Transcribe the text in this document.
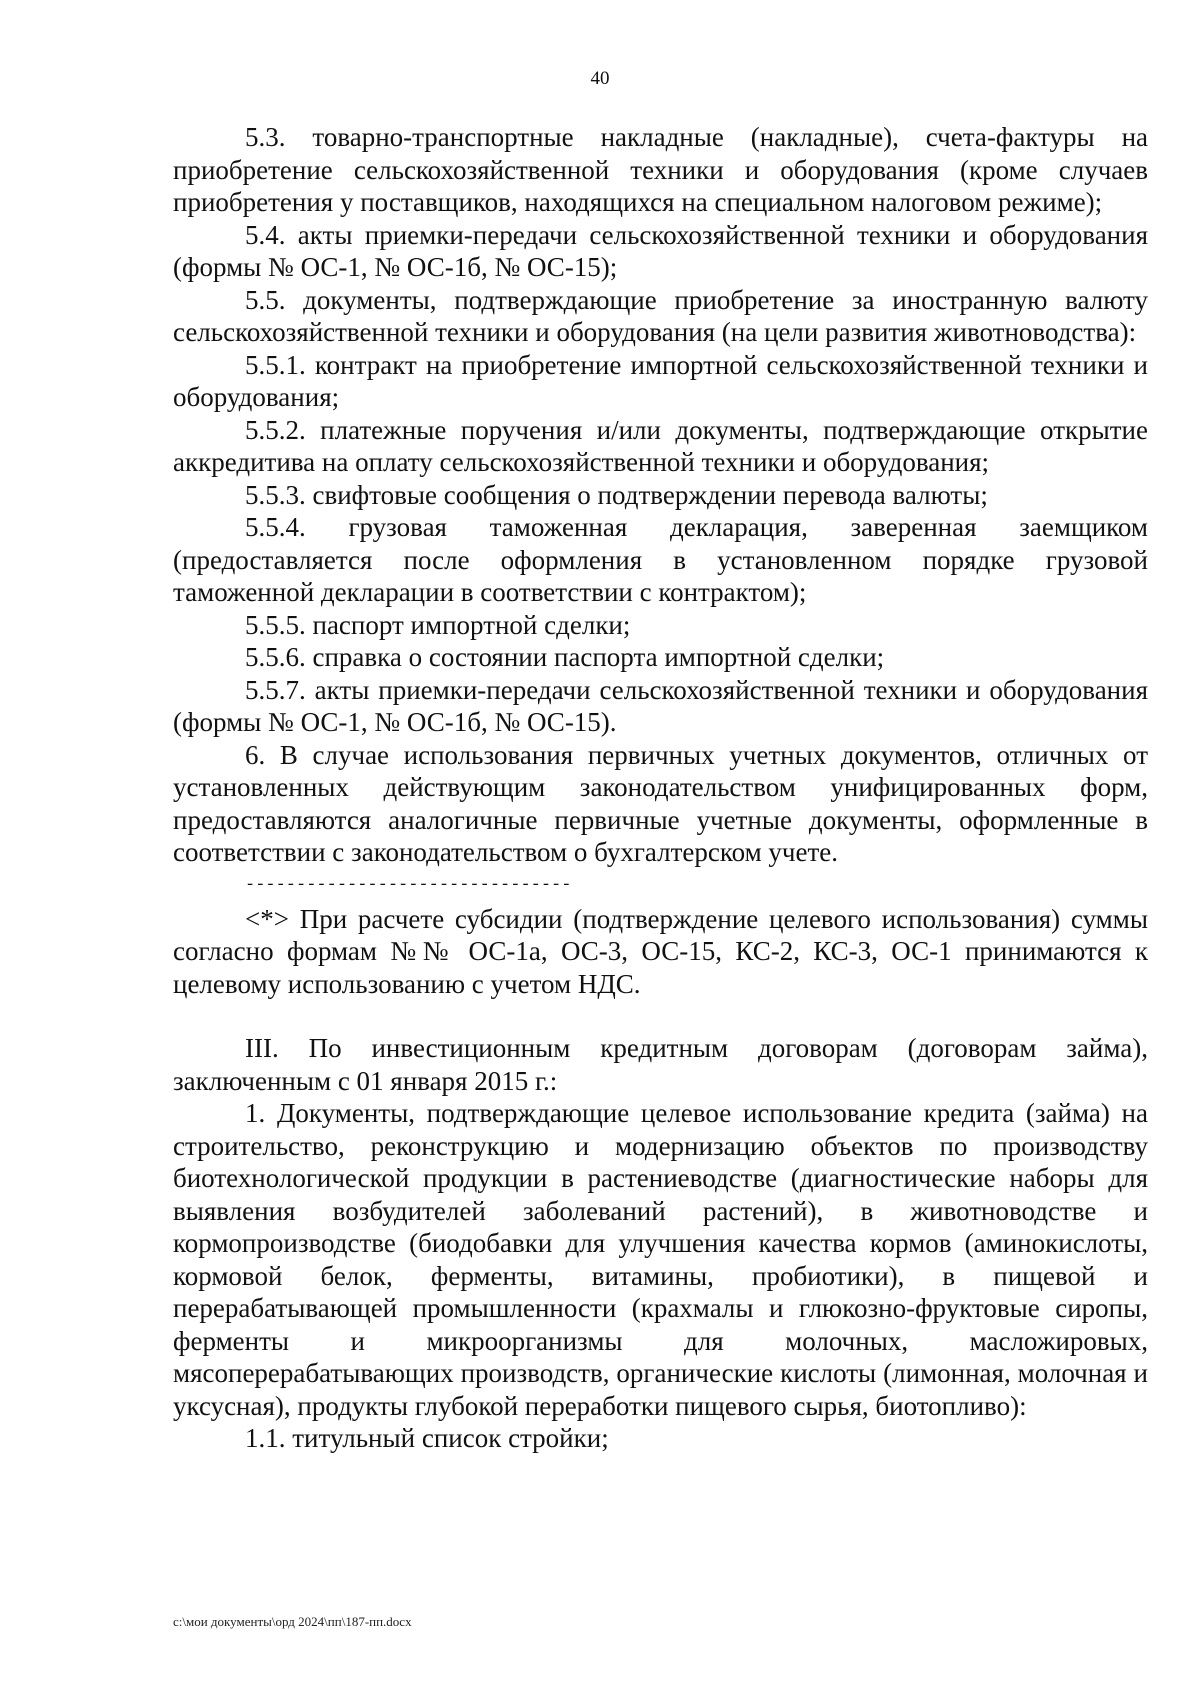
40

5.3. товарно-транспортные накладные (накладные), счета-фактуры на приобретение сельскохозяйственной техники и оборудования (кроме случаев приобретения у поставщиков, находящихся на специальном налоговом режиме);

5.4. акты приемки-передачи сельскохозяйственной техники и оборудования (формы № ОС-1, № ОС-1б, № ОС-15);

5.5. документы, подтверждающие приобретение за иностранную валюту сельскохозяйственной техники и оборудования (на цели развития животноводства):

5.5.1. контракт на приобретение импортной сельскохозяйственной техники и оборудования;

5.5.2. платежные поручения и/или документы, подтверждающие открытие аккредитива на оплату сельскохозяйственной техники и оборудования;

5.5.3. свифтовые сообщения о подтверждении перевода валюты;

5.5.4. грузовая таможенная декларация, заверенная заемщиком (предоставляется после оформления в установленном порядке грузовой таможенной декларации в соответствии с контрактом);

5.5.5. паспорт импортной сделки;

5.5.6. справка о состоянии паспорта импортной сделки;

5.5.7. акты приемки-передачи сельскохозяйственной техники и оборудования (формы № ОС-1, № ОС-1б, № ОС-15).

6. В случае использования первичных учетных документов, отличных от установленных действующим законодательством унифицированных форм, предоставляются аналогичные первичные учетные документы, оформленные в соответствии с законодательством о бухгалтерском учете.

--------------------------------

<*> При расчете субсидии (подтверждение целевого использования) суммы согласно формам №№ ОС-1а, ОС-3, ОС-15, КС-2, КС-3, ОС-1 принимаются к целевому использованию с учетом НДС.

III. По инвестиционным кредитным договорам (договорам займа), заключенным с 01 января 2015 г.:

1. Документы, подтверждающие целевое использование кредита (займа) на строительство, реконструкцию и модернизацию объектов по производству биотехнологической продукции в растениеводстве (диагностические наборы для выявления возбудителей заболеваний растений), в животноводстве и кормопроизводстве (биодобавки для улучшения качества кормов (аминокислоты, кормовой белок, ферменты, витамины, пробиотики), в пищевой и перерабатывающей промышленности (крахмалы и глюкозно-фруктовые сиропы, ферменты и микроорганизмы для молочных, масложировых, мясоперерабатывающих производств, органические кислоты (лимонная, молочная и уксусная), продукты глубокой переработки пищевого сырья, биотопливо):

1.1. титульный список стройки;

c:\мои документы\орд 2024\пп\187-пп.docx
